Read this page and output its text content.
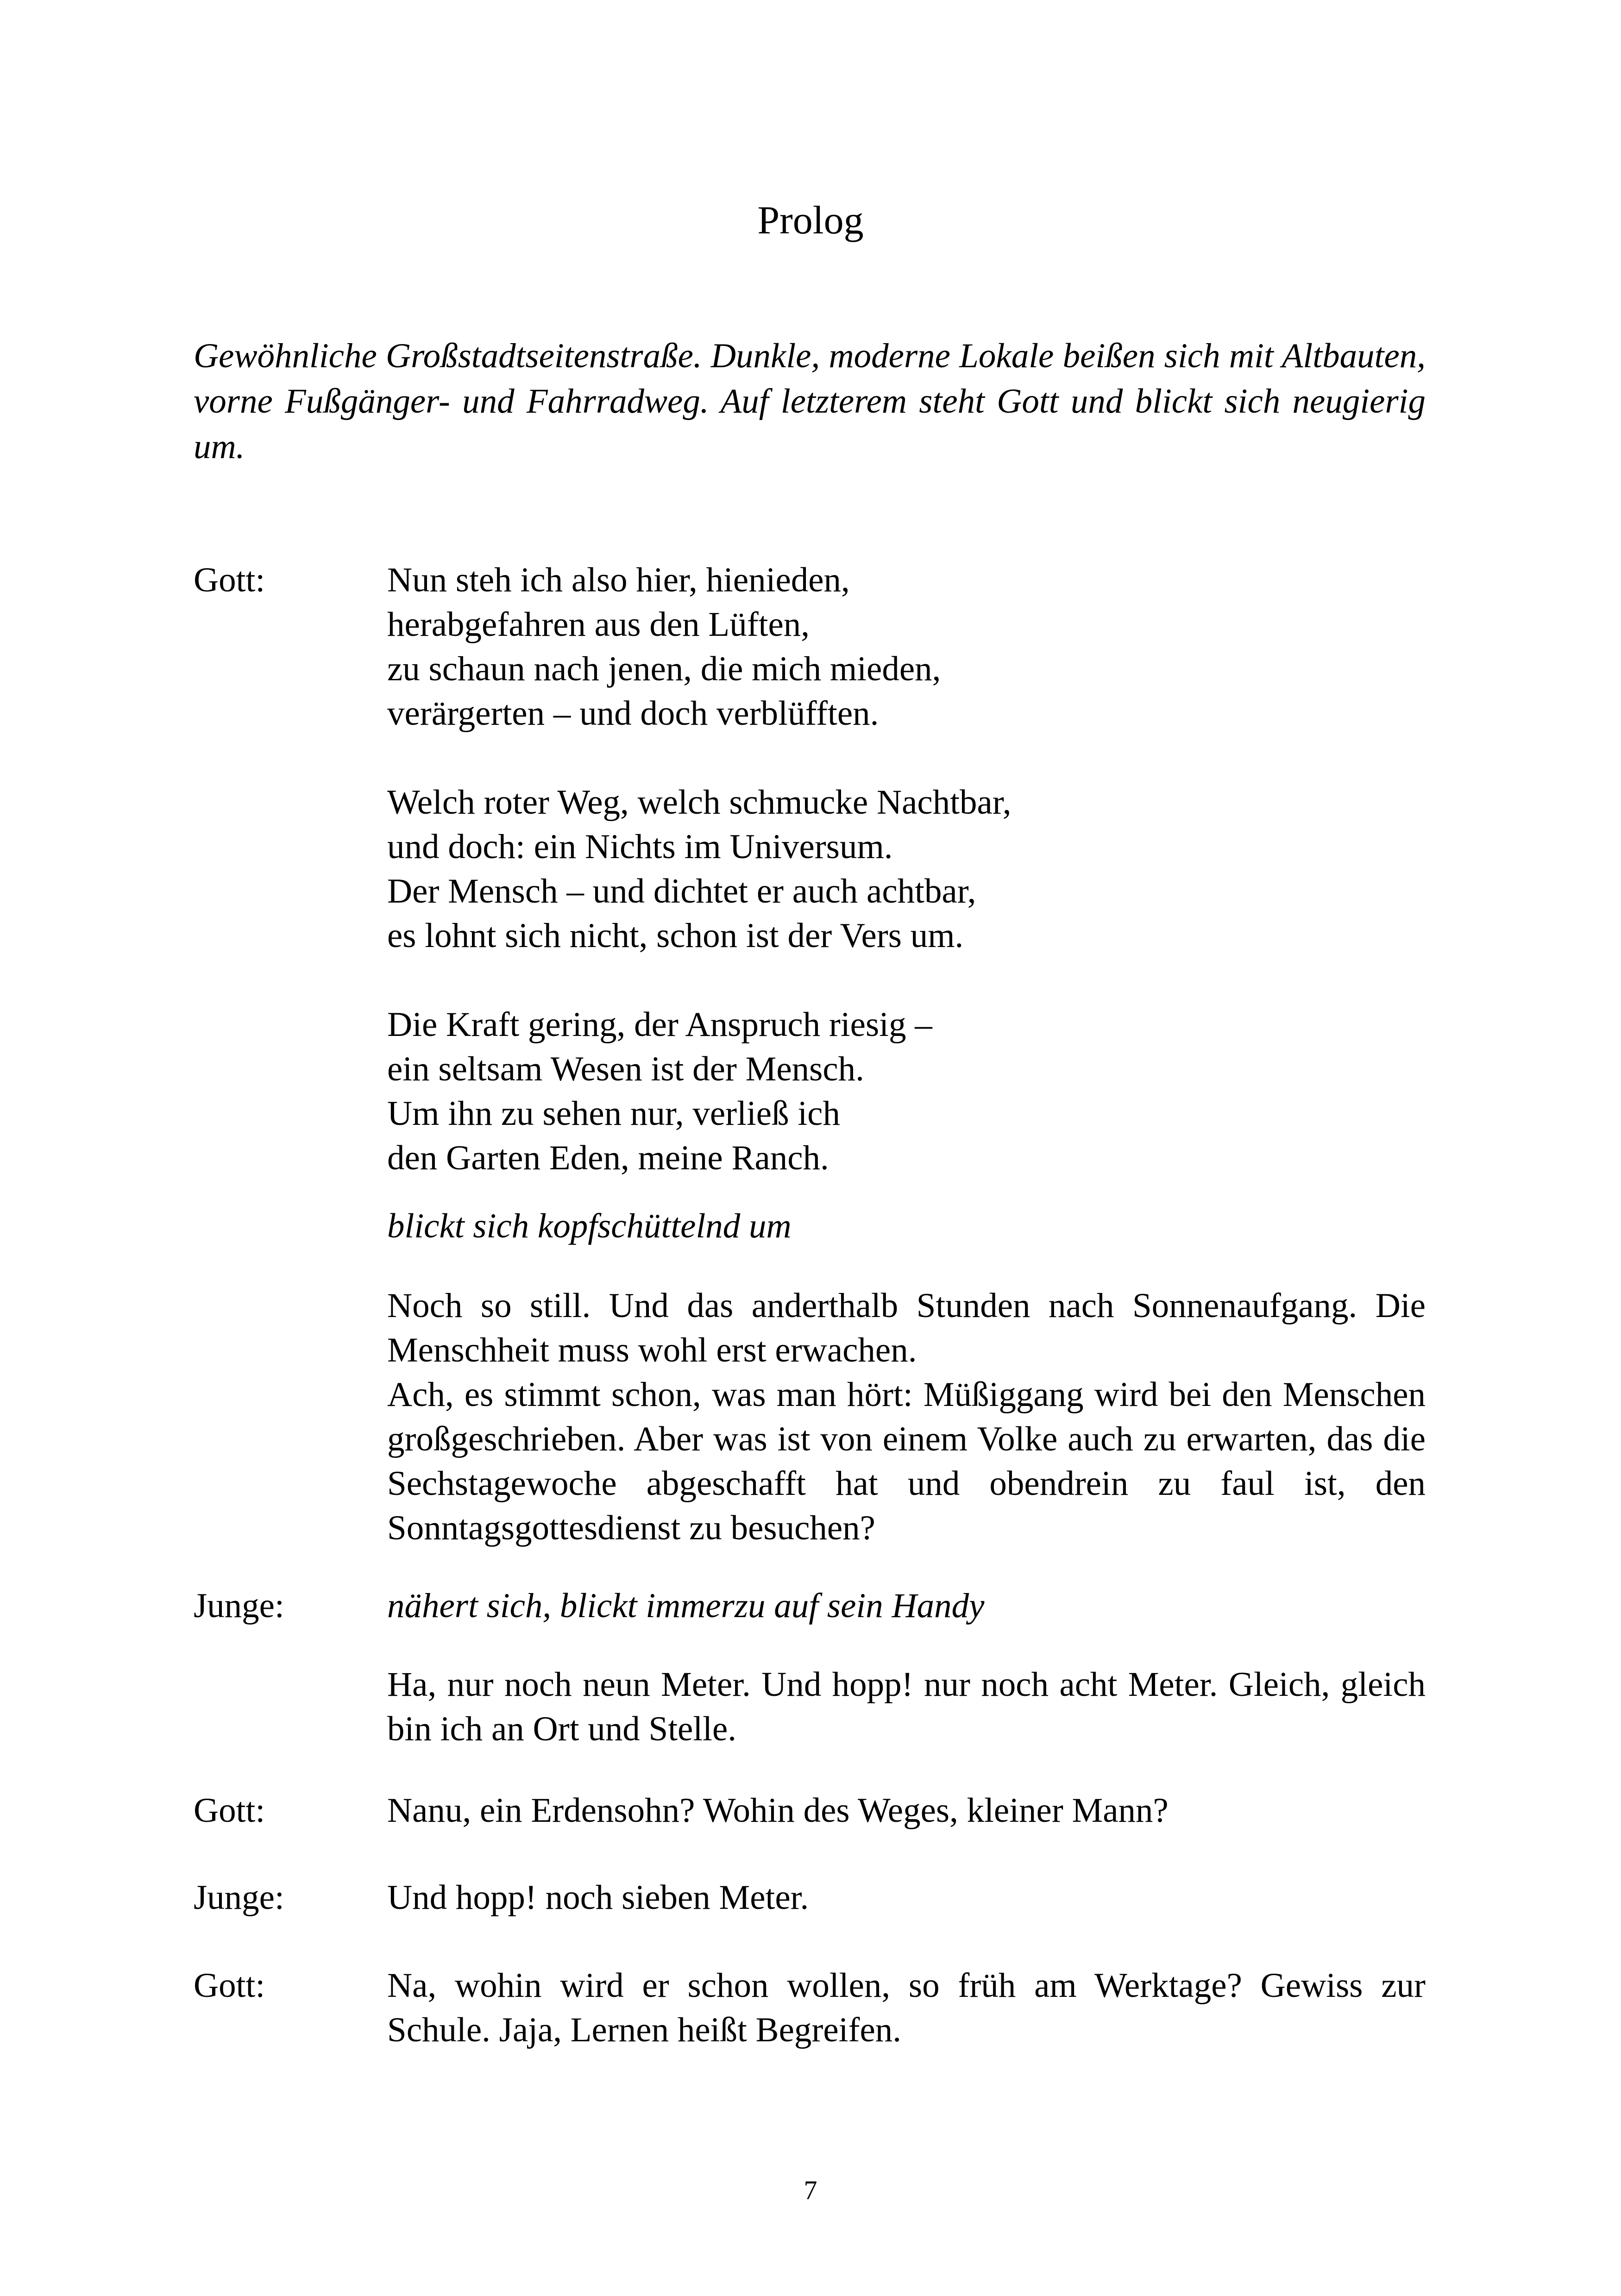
Prolog
Gewöhnliche Großstadtseitenstraße. Dunkle, moderne Lokale beißen sich mit Altbauten, vorne Fußgänger- und Fahrradweg. Auf letzterem steht Gott und blickt sich neugierig um.
Gott:	Nun steh ich also hier, hienieden,
herabgefahren aus den Lüften,
zu schaun nach jenen, die mich mieden,
verärgerten – und doch verblüfften.
Welch roter Weg, welch schmucke Nachtbar,
und doch: ein Nichts im Universum.
Der Mensch – und dichtet er auch achtbar,
es lohnt sich nicht, schon ist der Vers um.
Die Kraft gering, der Anspruch riesig –
ein seltsam Wesen ist der Mensch.
Um ihn zu sehen nur, verließ ich
den Garten Eden, meine Ranch.
blickt sich kopfschüttelnd um

Noch so still. Und das anderthalb Stunden nach Sonnenaufgang. Die Menschheit muss wohl erst erwachen.

Ach, es stimmt schon, was man hört: Müßiggang wird bei den Menschen großgeschrieben. Aber was ist von einem Volke auch zu erwarten, das die Sechstagewoche abgeschafft hat und obendrein zu faul ist, den Sonntagsgottesdienst zu besuchen?

Junge:	nähert sich, blickt immerzu auf sein Handy

Ha, nur noch neun Meter. Und hopp! nur noch acht Meter. Gleich, gleich bin ich an Ort und Stelle.

Gott:	Nanu, ein Erdensohn? Wohin des Weges, kleiner Mann?
Junge:	Und hopp! noch sieben Meter.
Gott:	Na, wohin wird er schon wollen, so früh am Werktage? Gewiss zur Schule. Jaja, Lernen heißt Begreifen.

7
